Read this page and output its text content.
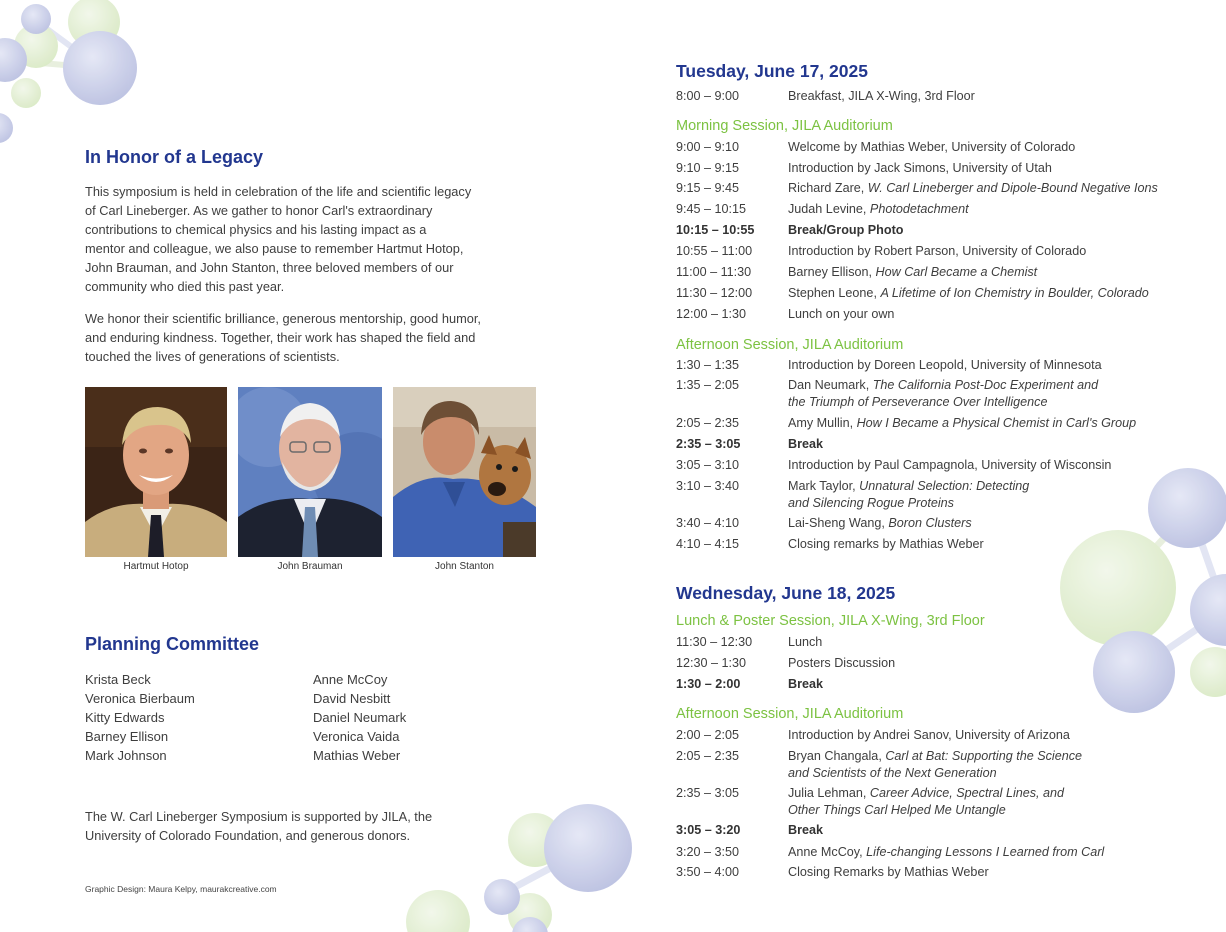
In Honor of a Legacy
This symposium is held in celebration of the life and scientific legacy
of Carl Lineberger. As we gather to honor Carl's extraordinary
contributions to chemical physics and his lasting impact as a
mentor and colleague, we also pause to remember Hartmut Hotop,
John Brauman, and John Stanton, three beloved members of our
community who died this past year.
We honor their scientific brilliance, generous mentorship, good humor,
and enduring kindness. Together, their work has shaped the field and
touched the lives of generations of scientists.
Hartmut Hotop	John Brauman	John Stanton
Planning Committee
Krista Beck
Veronica Bierbaum
Kitty Edwards
Barney Ellison
Mark Johnson
Anne McCoy
David Nesbitt
Daniel Neumark
Veronica Vaida
Mathias Weber
The W. Carl Lineberger Symposium is supported by JILA, the
University of Colorado Foundation, and generous donors.
Graphic Design: Maura Kelpy, maurakcreative.com
Tuesday, June 17, 2025
8:00 – 9:00	Breakfast, JILA X-Wing, 3rd Floor
Morning Session, JILA Auditorium
9:00 – 9:10	Welcome by Mathias Weber, University of Colorado
9:10 – 9:15	Introduction by Jack Simons, University of Utah
9:15 – 9:45	Richard Zare, W. Carl Lineberger and Dipole-Bound Negative Ions
9:45 – 10:15	Judah Levine, Photodetachment
10:15 – 10:55	Break/Group Photo
10:55 – 11:00	Introduction by Robert Parson, University of Colorado
11:00 – 11:30	Barney Ellison, How Carl Became a Chemist
11:30 – 12:00	Stephen Leone, A Lifetime of Ion Chemistry in Boulder, Colorado
12:00 – 1:30	Lunch on your own
Afternoon Session, JILA Auditorium
1:30 – 1:35	Introduction by Doreen Leopold, University of Minnesota
1:35 – 2:05	Dan Neumark, The California Post-Doc Experiment and
the Triumph of Perseverance Over Intelligence
2:05 – 2:35	Amy Mullin, How I Became a Physical Chemist in Carl's Group
2:35 – 3:05	Break
3:05 – 3:10	Introduction by Paul Campagnola, University of Wisconsin
3:10 – 3:40	Mark Taylor, Unnatural Selection: Detecting
and Silencing Rogue Proteins
3:40 – 4:10	Lai-Sheng Wang, Boron Clusters
4:10 – 4:15	Closing remarks by Mathias Weber
Wednesday, June 18, 2025
Lunch & Poster Session, JILA X-Wing, 3rd Floor
11:30 – 12:30	Lunch
12:30 – 1:30	Posters Discussion
1:30 – 2:00	Break
Afternoon Session, JILA Auditorium
2:00 – 2:05	Introduction by Andrei Sanov, University of Arizona
2:05 – 2:35	Bryan Changala, Carl at Bat: Supporting the Science
and Scientists of the Next Generation
2:35 – 3:05	Julia Lehman, Career Advice, Spectral Lines, and
Other Things Carl Helped Me Untangle
3:05 – 3:20	Break
3:20 – 3:50	Anne McCoy, Life-changing Lessons I Learned from Carl
3:50 – 4:00	Closing Remarks by Mathias Weber
